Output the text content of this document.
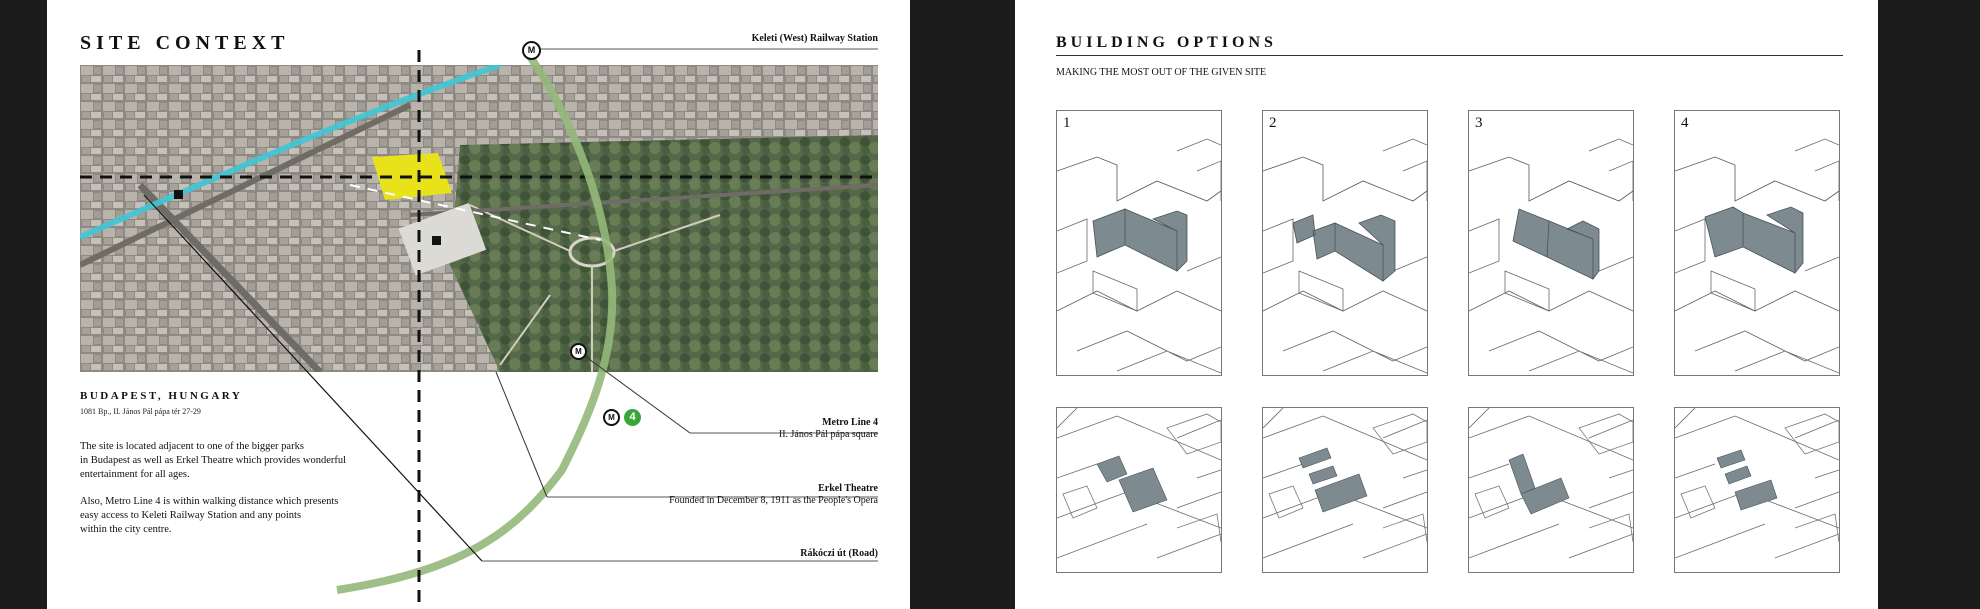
SITE CONTEXT	M
M
M 4
Keleti (West) Railway Station
Metro Line 4
II. János Pál pápa square
Erkel Theatre
Founded in December 8, 1911 as the People's Opera
Rákóczi út (Road)
BUDAPEST, HUNGARY
1081 Bp., II. János Pál pápa tér 27-29
The site is located adjacent to one of the bigger parks
in Budapest as well as Erkel Theatre which provides wonderful
entertainment for all ages.
Also, Metro Line 4 is within walking distance which presents
easy access to Keleti Railway Station and any points
within the city centre.
BUILDING OPTIONS
MAKING THE MOST OUT OF THE GIVEN SITE
1	2	3	4
